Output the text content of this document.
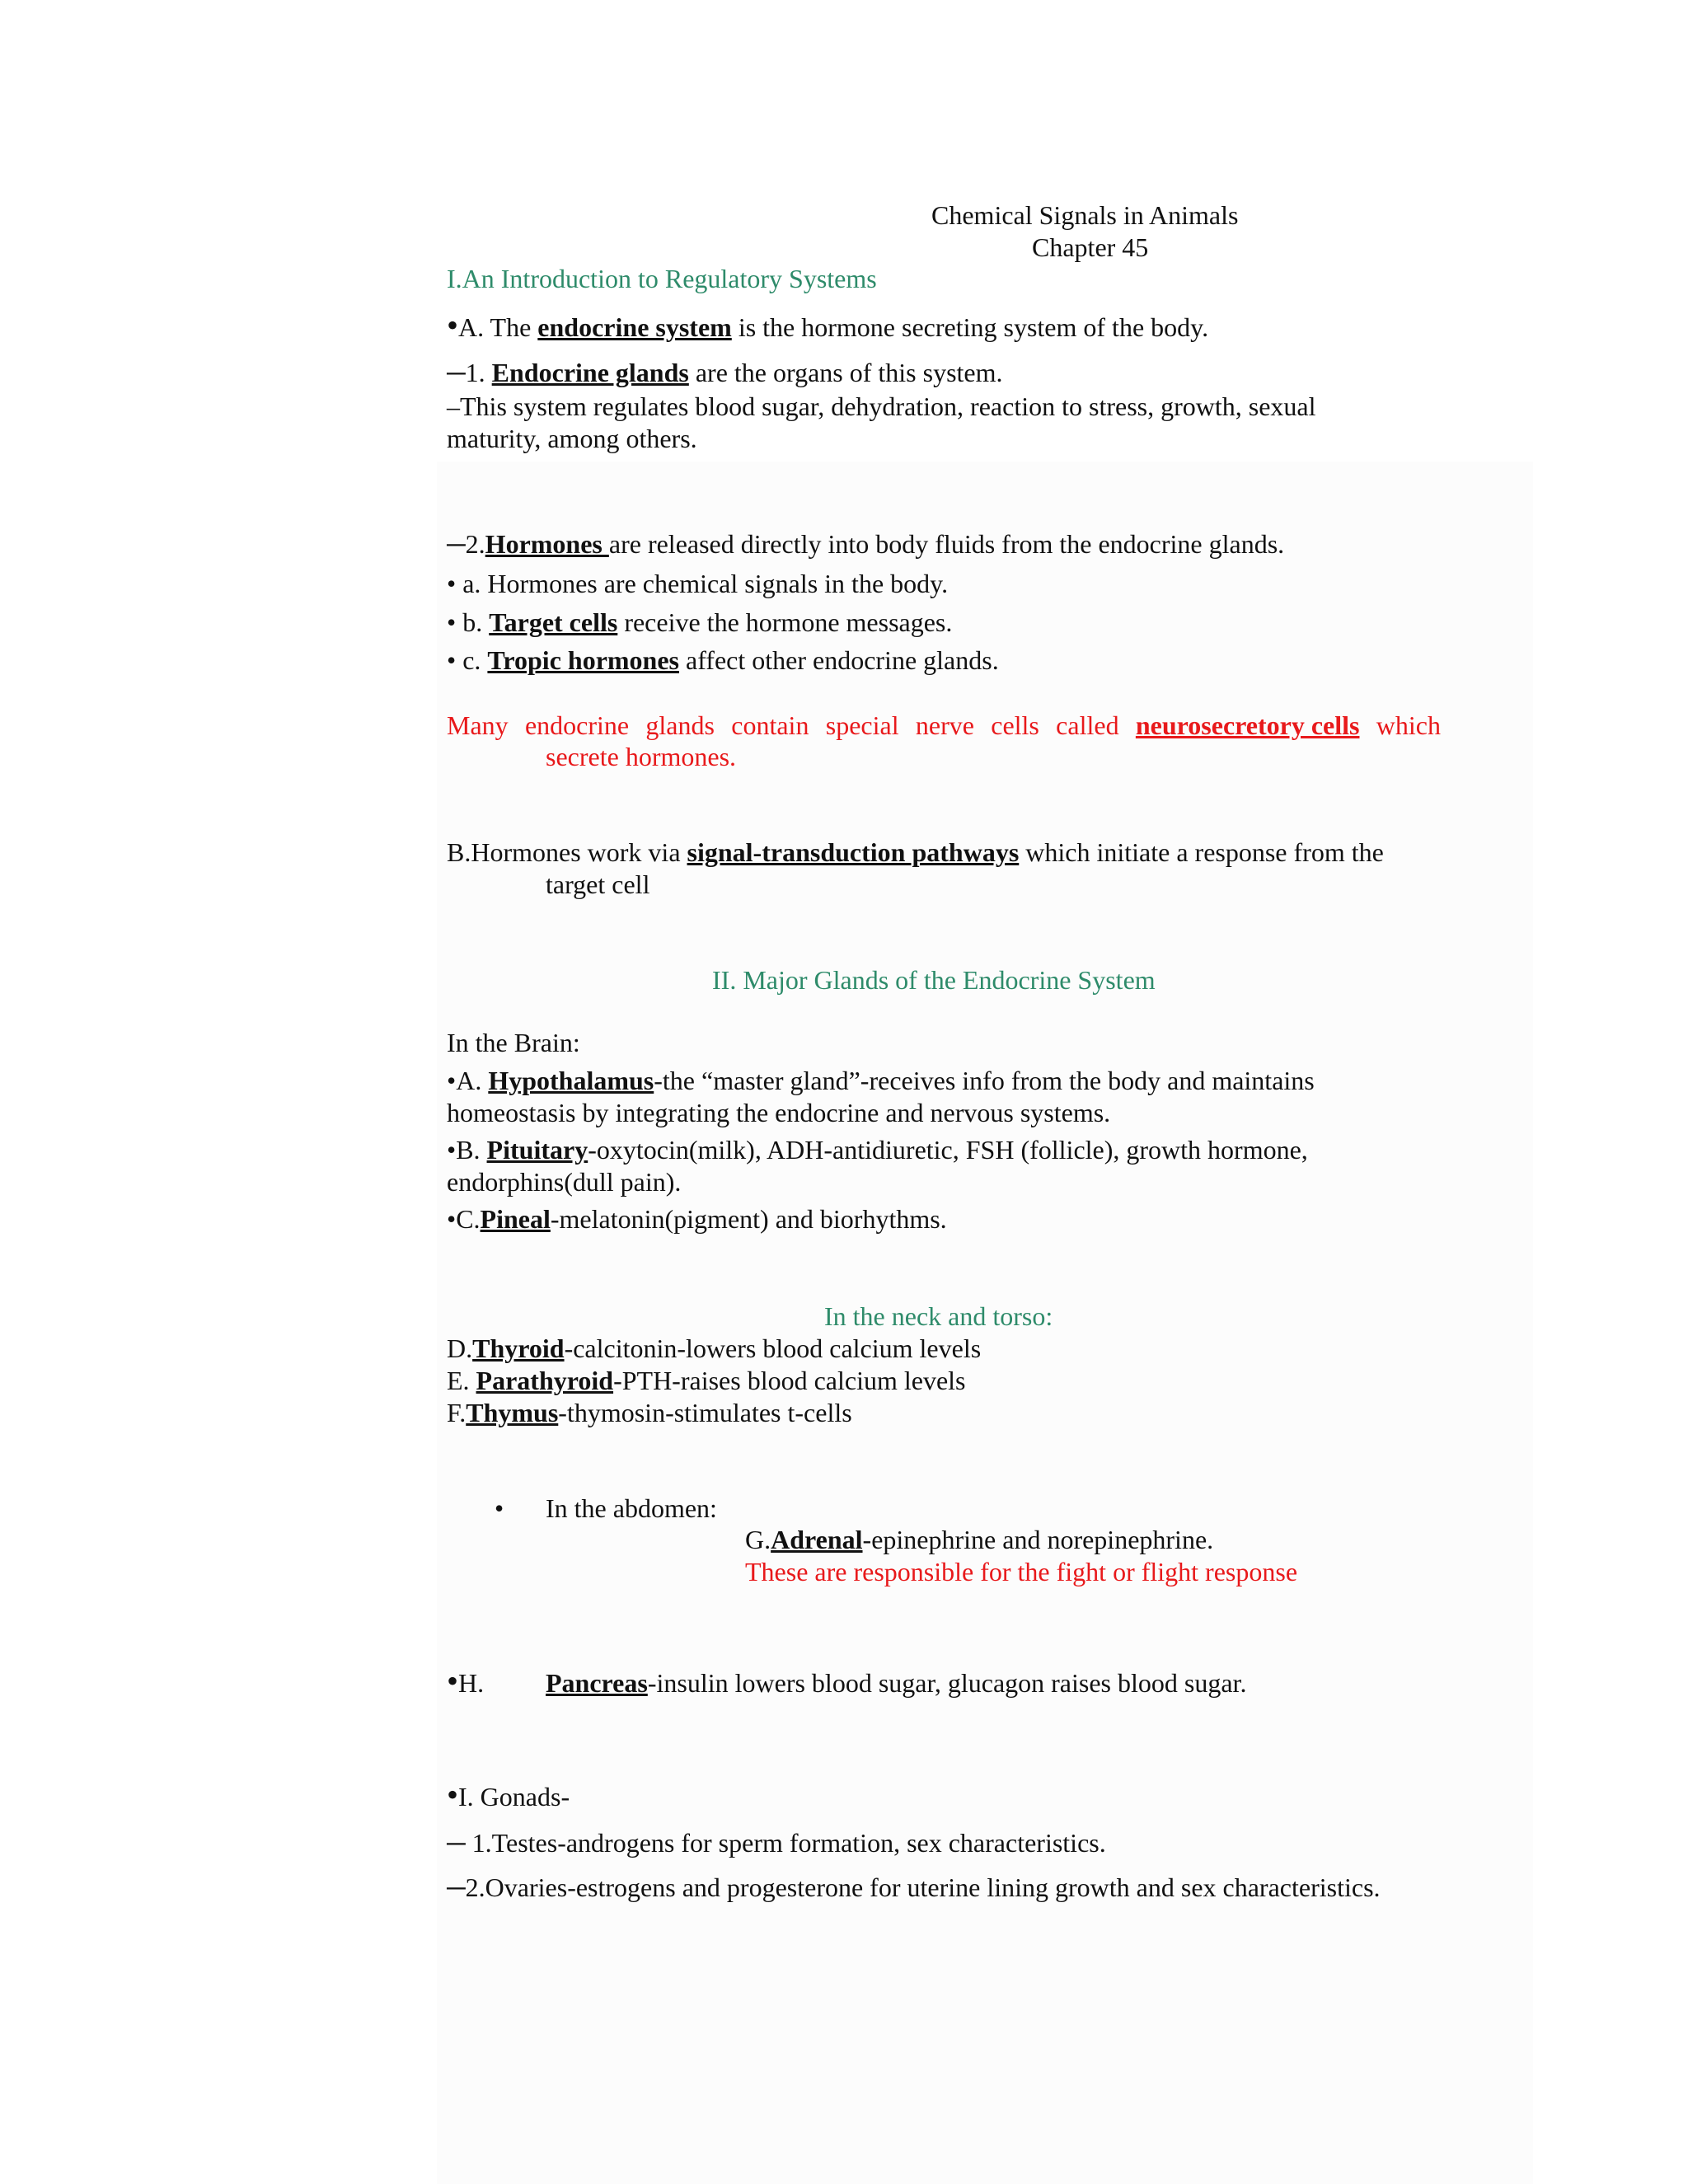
Chemical Signals in Animals
Chapter 45
I.An Introduction to Regulatory Systems
•A. The endocrine system is the hormone secreting system of the body.
─1. Endocrine glands are the organs of this system.
–This system regulates blood sugar, dehydration, reaction to stress, growth, sexual
maturity, among others.
─2.Hormones are released directly into body fluids from the endocrine glands.
• a. Hormones are chemical signals in the body.
• b. Target cells receive the hormone messages.
• c. Tropic hormones affect other endocrine glands.
Many endocrine glands contain special nerve cells called neurosecretory cells which
secrete hormones.
B.Hormones work via signal-transduction pathways which initiate a response from the
target cell
II. Major Glands of the Endocrine System
In the Brain:
•A. Hypothalamus-the “master gland”-receives info from the body and maintains
homeostasis by integrating the endocrine and nervous systems.
•B. Pituitary-oxytocin(milk), ADH-antidiuretic, FSH (follicle), growth hormone,
endorphins(dull pain).
•C.Pineal-melatonin(pigment) and biorhythms.
In the neck and torso:
D.Thyroid-calcitonin-lowers blood calcium levels
E. Parathyroid-PTH-raises blood calcium levels
F.Thymus-thymosin-stimulates t-cells
• In the abdomen:
G.Adrenal-epinephrine and norepinephrine.
These are responsible for the fight or flight response
•H. Pancreas-insulin lowers blood sugar, glucagon raises blood sugar.
•I. Gonads-
─ 1.Testes-androgens for sperm formation, sex characteristics.
─2.Ovaries-estrogens and progesterone for uterine lining growth and sex characteristics.
